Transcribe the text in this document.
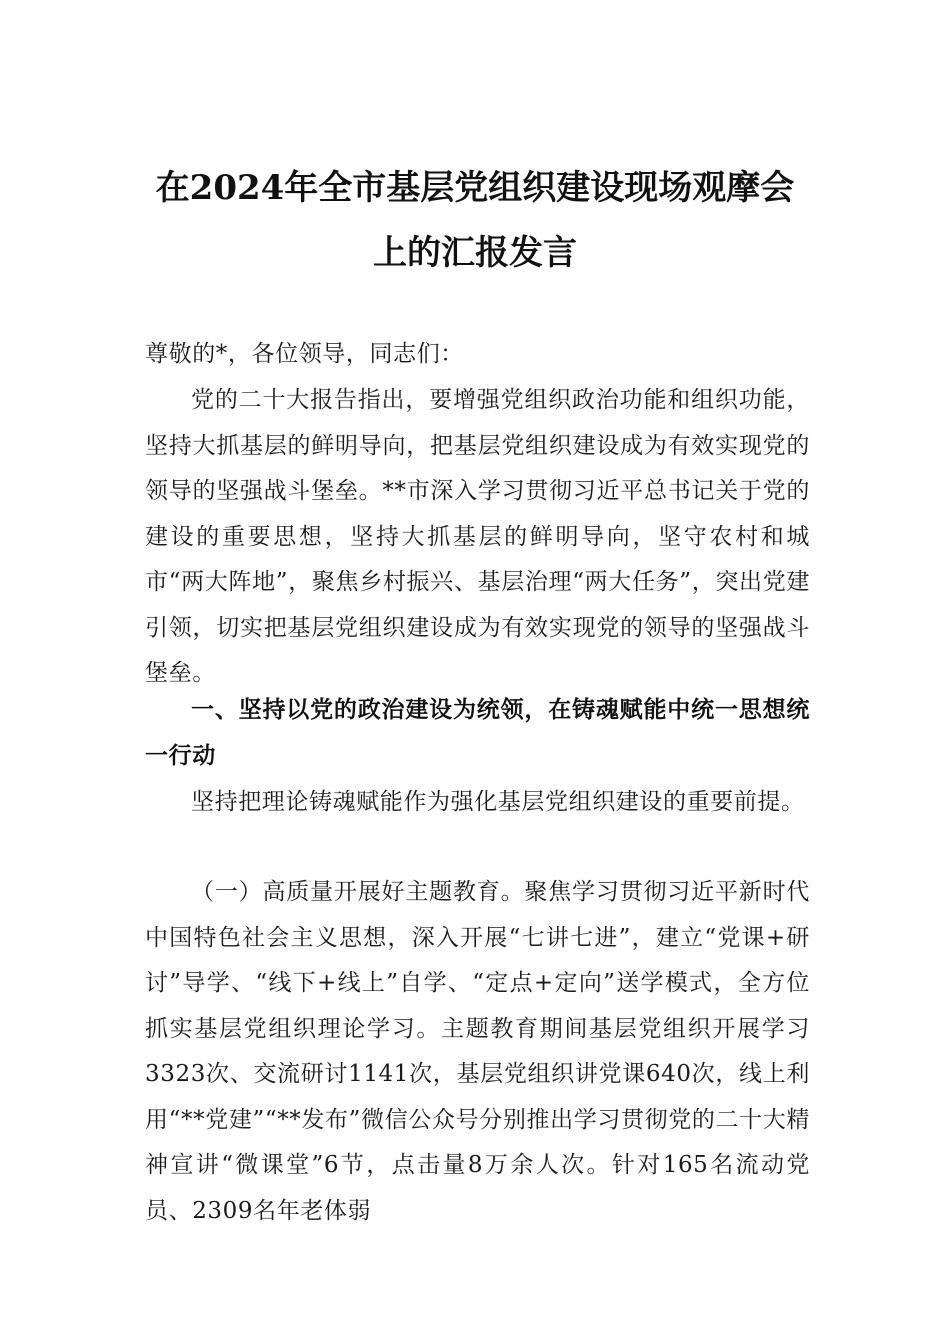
在2024年全市基层党组织建设现场观摩会
上的汇报发言
尊敬的*，各位领导，同志们：
党的二十大报告指出，要增强党组织政治功能和组织功能，坚持大抓基层的鲜明导向，把基层党组织建设成为有效实现党的领导的坚强战斗堡垒。**市深入学习贯彻习近平总书记关于党的建设的重要思想，坚持大抓基层的鲜明导向，坚守农村和城市“两大阵地”，聚焦乡村振兴、基层治理“两大任务”，突出党建引领，切实把基层党组织建设成为有效实现党的领导的坚强战斗堡垒。
一、坚持以党的政治建设为统领，在铸魂赋能中统一思想统一行动
坚持把理论铸魂赋能作为强化基层党组织建设的重要前提。
（一）高质量开展好主题教育。聚焦学习贯彻习近平新时代中国特色社会主义思想，深入开展“七讲七进”，建立“党课+研讨”导学、“线下+线上”自学、“定点+定向”送学模式，全方位抓实基层党组织理论学习。主题教育期间基层党组织开展学习3323次、交流研讨1141次，基层党组织讲党课640次，线上利用“**党建”“**发布”微信公众号分别推出学习贯彻党的二十大精神宣讲“微课堂”6节，点击量8万余人次。针对165名流动党员、2309名年老体弱
